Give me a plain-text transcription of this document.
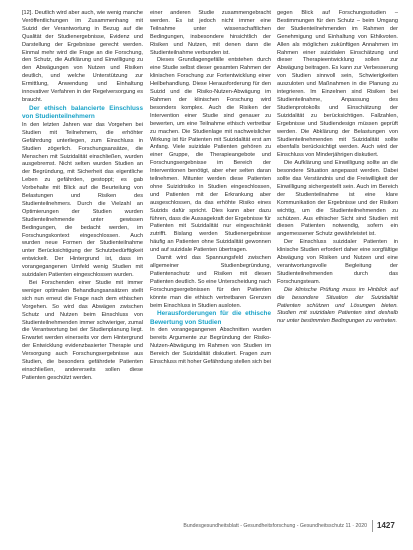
[12]. Deutlich wird aber auch, wie wenig manche Veröffentlichungen im Zusammenhang mit Suizid der Verantwortung in Bezug auf die Qualität der Studienergebnisse, Evidenz und Darstellung der Ergebnisse gerecht werden. Einmal mehr wird die Frage an die Forschung, den Schutz, die Aufklärung und Einwilligung zu den Abwägungen von Nutzen und Risiken deutlich, und welche Unterstützung zur Ermittlung, Anwendung und Einhaltung innovativer Verfahren in der Regelversorgung es braucht.

Der ethisch balancierte Einschluss von Studienteilnehmern

In den letzten Jahren war das Vorgehen bei Studien mit Teilnehmern, die erhöhter Gefährdung unterliegen, zum Einschluss in Studien zögerlich. Forschungsansätze, die Menschen mit Suizidalität einschließen, wurden ausgebremst. Nicht selten wurden Studien an der Begründung, mit Sicherheit das eigentliche Leben zu gefährden, gestoppt; es gab Vorbehalte mit Blick auf die Beurteilung von Belastungen und Risiken des Studienteilnehmers. Durch die Vielzahl an Optimierungen der Studien wurden Studienteilnehmende unter gewissen Bedingungen, die bedacht werden, im Forschungskontext eingeschlossen. Auch wurden neue Formen der Studienteilnahme unter Berücksichtigung der Schutzbedürftigkeit entwickelt. Der Hintergrund ist, dass im vorangegangenen Umfeld wenig Studien mit suizidalen Patienten eingeschlossen wurden.

Bei Forschenden einer Studie mit immer weniger optimalen Behandlungsansätzen stellt sich nun erneut die Frage nach dem ethischen Vorgehen. So wird das Abwägen zwischen Schutz und Nutzen beim Einschluss von Studienteilnehmenden immer schwieriger, zumal die Verantwortung bei der Studienplanung liegt. Erwartet werden einerseits vor dem Hintergrund der Entwicklung evidenzbasierter Therapie und Versorgung auch Forschungsergebnisse aus Studien, die besonders gefährdete Patienten einschließen, andererseits sollen diese Patienten geschützt werden.

einer anderen Studie zusammengebracht werden. Es ist jedoch nicht immer eine Teilnahme unter wissenschaftlichen Bedingungen, insbesondere hinsichtlich der Risiken und Nutzen, mit denen dann die Studienteilnahme verbunden ist.

Dieses Grundlagengefälle entstehen durch eine Studie selbst dieser gesamten Rahmen der klinischen Forschung zur Fortentwicklung einer Heilbehandlung. Diese Herausforderung für den Suizid und die Risiko-Nutzen-Abwägung im Rahmen der klinischen Forschung wird besonders komplex. Auch die Risiken der Intervention einer Studie sind genauer zu bewerten, um eine Teilnahme ethisch vertretbar zu machen. Die Studienlage mit nachweislicher Wirkung ist für Patienten mit Suizidalität erst am Anfang. Viele suizidale Patienten gehören zu einer Gruppe, die Therapieangebote und Forschungsergebnisse im Bereich der Interventionen benötigt, aber eher selten daran teilnehmen. Mitunter werden diese Patienten ohne Suizidrisiko in Studien eingeschlossen, und Patienten mit der Erkrankung aber ausgeschlossen, da das erhöhte Risiko eines Suizids dafür spricht. Dies kann aber dazu führen, dass die Aussagekraft der Ergebnisse für Patienten mit Suizidalität nur eingeschränkt zutrifft. Bislang werden Studienergebnisse häufig an Patienten ohne Suizidalität gewonnen und auf suizidale Patienten übertragen.

Damit wird das Spannungsfeld zwischen allgemeiner Studienbegründung, Patientenschutz und Risiken mit diesen Patienten deutlich. So eine Unterscheidung nach Forschungsergebnissen für den Patienten könnte man die ethisch vertretbaren Grenzen beim Einschluss in Studien ausloten.

Herausforderungen für die ethische Bewertung von Studien

In den vorangegangenen Abschnitten wurden bereits Argumente zur Begründung der Risiko-Nutzen-Abwägung im Rahmen von Studien im Bereich der Suizidalität diskutiert. Fragen zum Einschluss mit hoher Gefährdung stellen sich bei

gegen Blick auf Forschungsstudien – Bestimmungen für den Schutz – beim Umgang der Studienteilnehmenden im Rahmen der Genehmigung und Einhaltung von Ethikvoten. Allen als möglichen zukünftigen Annahmen im Rahmen einer suizidalen Einschätzung und dieser Therapieentwicklung sollen zur Abwägung beitragen. Es kann zur Verbesserung von Studien sinnvoll sein, Schwierigkeiten auszuloten und Maßnahmen in die Planung zu integrieren. Im Einzelnen sind Risiken bei Studienteilnahme, Anpassung des Studienprotokolls und Einschätzung der Suizidalität zu berücksichtigen. Fallzahlen, Ergebnisse und Studiendesign müssen geprüft werden. Die Abklärung der Belastungen von Studienteilnehmenden mit Suizidalität sollte ebenfalls berücksichtigt werden. Auch wird der Einschluss von Minderjährigen diskutiert.

Die Aufklärung und Einwilligung sollte an die besondere Situation angepasst werden. Dabei sollte das Verständnis und die Freiwilligkeit der Einwilligung sichergestellt sein. Auch im Bereich der Studienteilnahme ist eine klare Kommunikation der Ergebnisse und der Risiken wichtig, um die Studienteilnehmenden zu schützen. Aus ethischer Sicht sind Studien mit diesen Patienten notwendig, sofern ein angemessener Schutz gewährleistet ist.

Der Einschluss suizidaler Patienten in klinische Studien erfordert daher eine sorgfältige Abwägung von Risiken und Nutzen und eine verantwortungsvolle Begleitung der Studienteilnehmenden durch das Forschungsteam.

Die klinische Prüfung muss im Hinblick auf die besondere Situation der Suizidalität Patienten schützen und Lösungen bieten. Studien mit suizidalen Patienten sind deshalb nur unter bestimmten Bedingungen zu vertreten.

Bundesgesundheitsblatt - Gesundheitsforschung - Gesundheitsschutz 11 · 2020 1427
